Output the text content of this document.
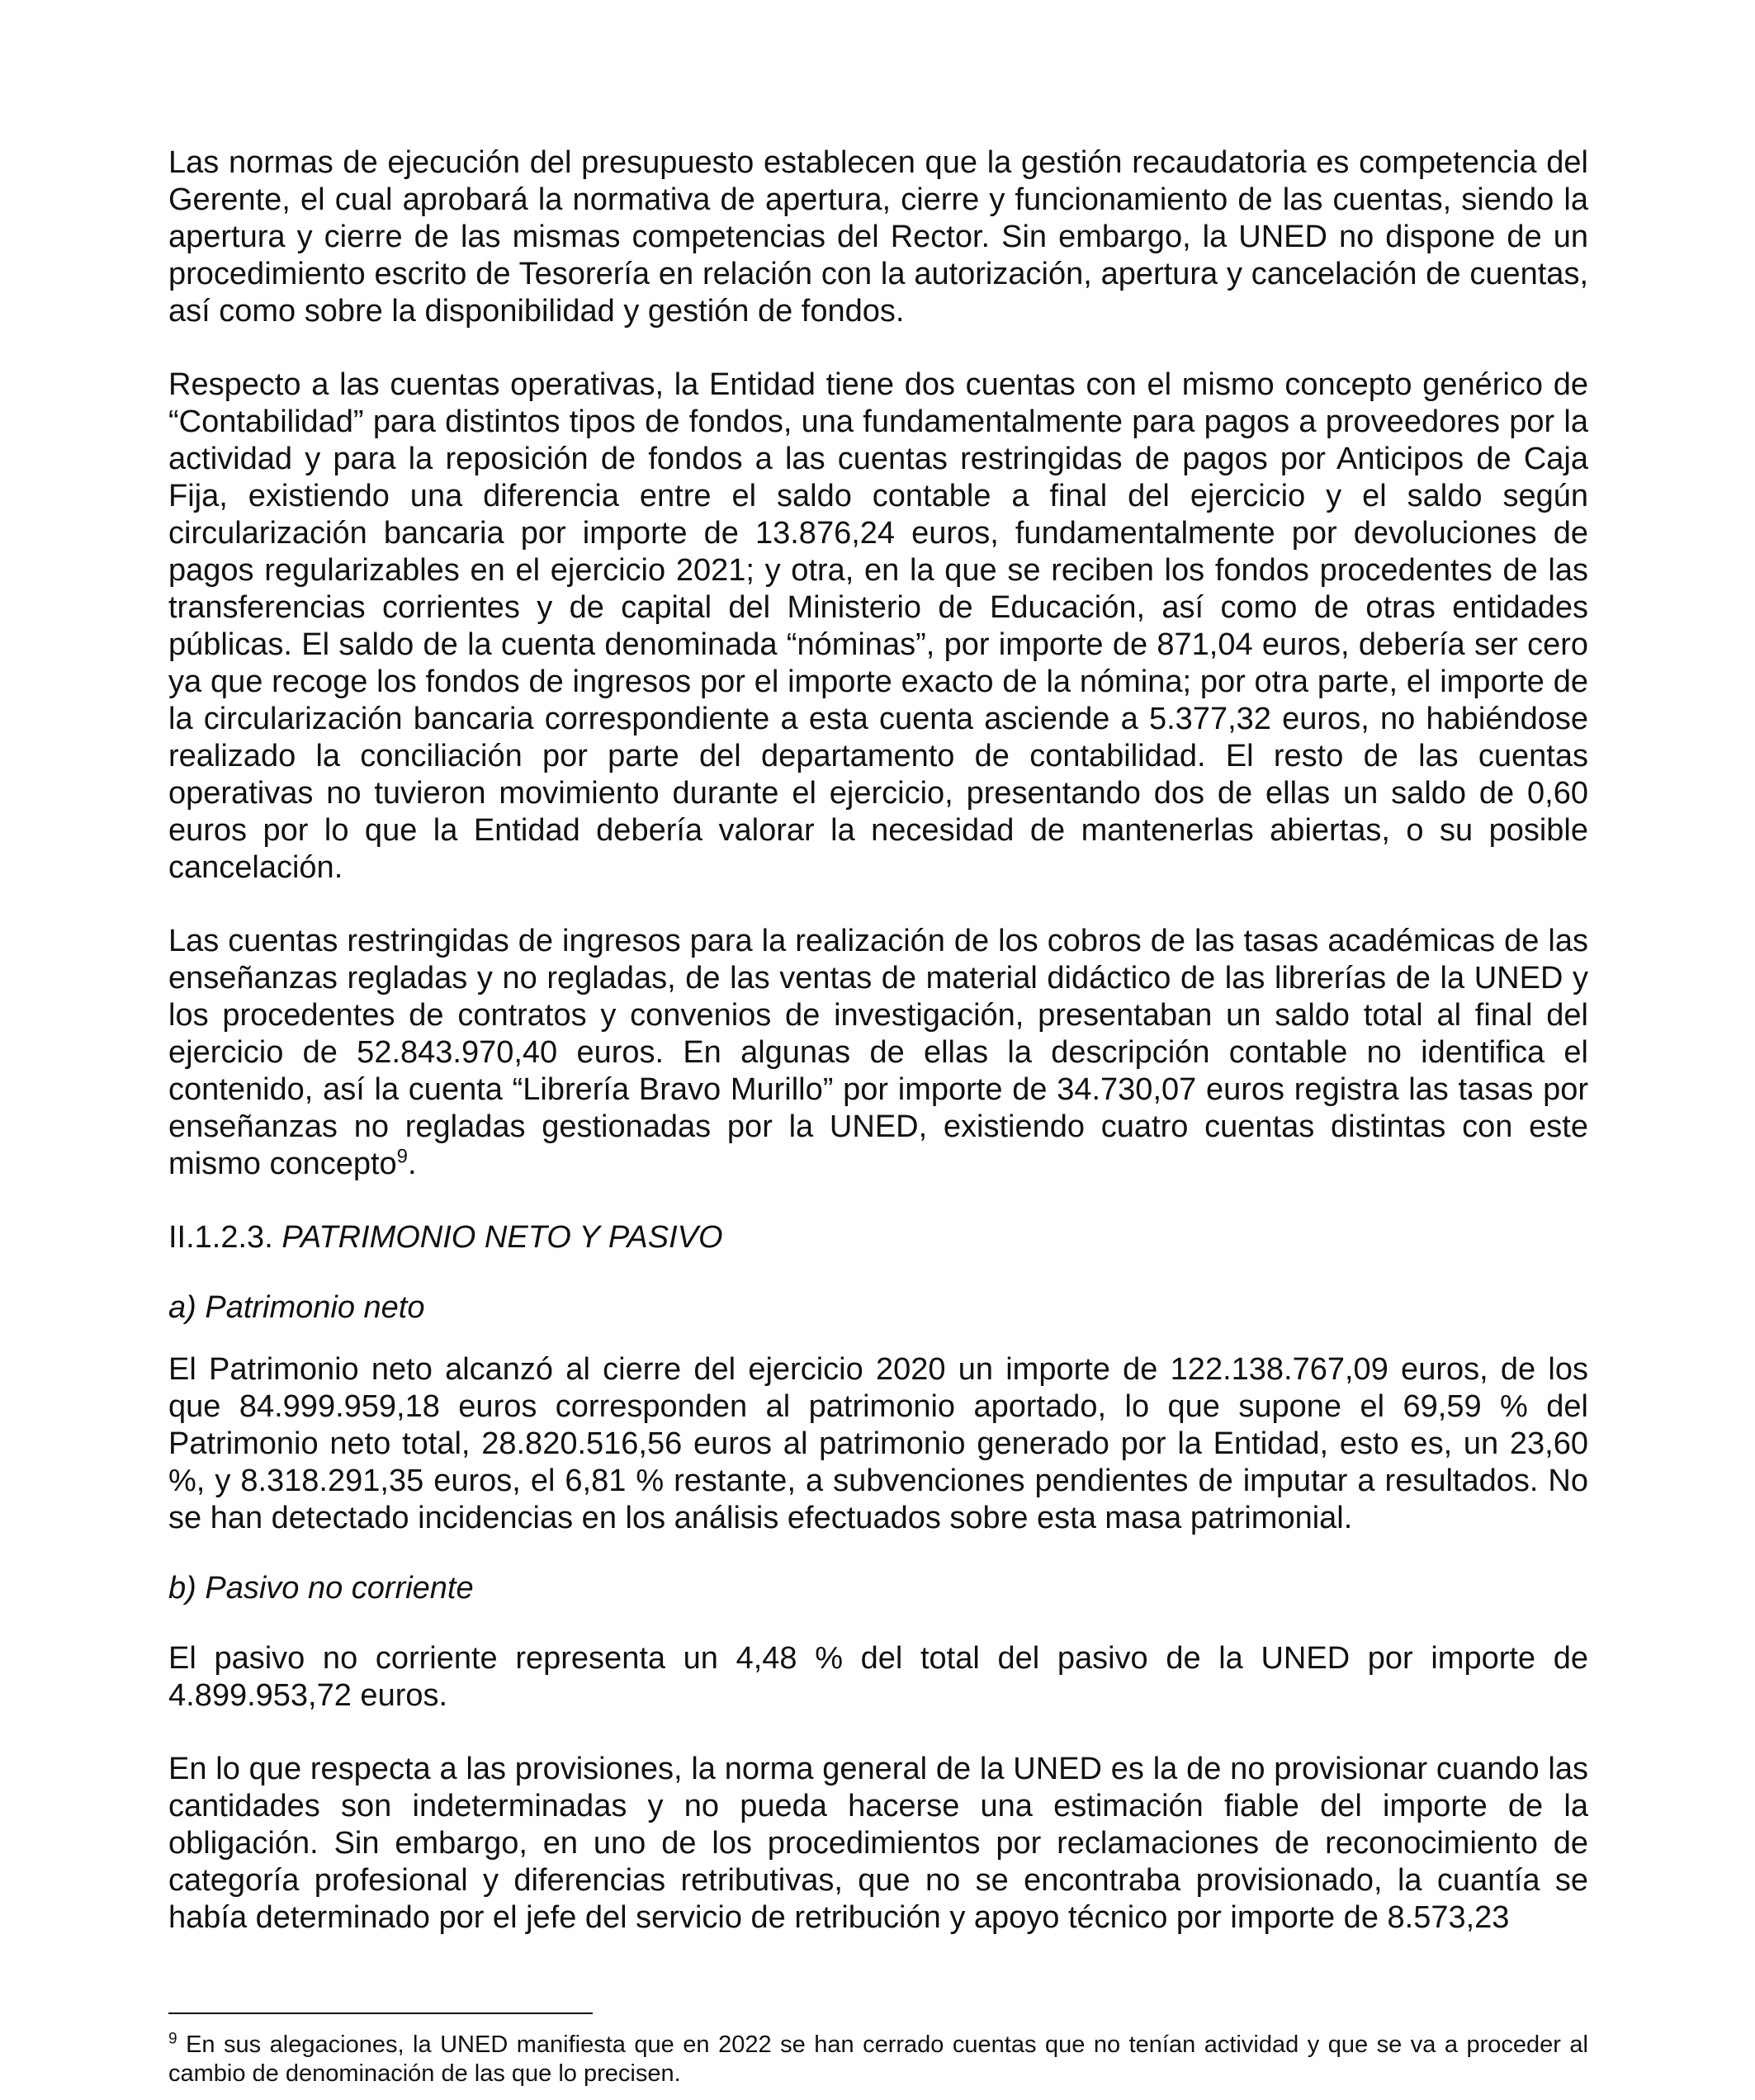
Las normas de ejecución del presupuesto establecen que la gestión recaudatoria es competencia del Gerente, el cual aprobará la normativa de apertura, cierre y funcionamiento de las cuentas, siendo la apertura y cierre de las mismas competencias del Rector. Sin embargo, la UNED no dispone de un procedimiento escrito de Tesorería en relación con la autorización, apertura y cancelación de cuentas, así como sobre la disponibilidad y gestión de fondos.

Respecto a las cuentas operativas, la Entidad tiene dos cuentas con el mismo concepto genérico de “Contabilidad” para distintos tipos de fondos, una fundamentalmente para pagos a proveedores por la actividad y para la reposición de fondos a las cuentas restringidas de pagos por Anticipos de Caja Fija, existiendo una diferencia entre el saldo contable a final del ejercicio y el saldo según circularización bancaria por importe de 13.876,24 euros, fundamentalmente por devoluciones de pagos regularizables en el ejercicio 2021; y otra, en la que se reciben los fondos procedentes de las transferencias corrientes y de capital del Ministerio de Educación, así como de otras entidades públicas. El saldo de la cuenta denominada “nóminas”, por importe de 871,04 euros, debería ser cero ya que recoge los fondos de ingresos por el importe exacto de la nómina; por otra parte, el importe de la circularización bancaria correspondiente a esta cuenta asciende a 5.377,32 euros, no habiéndose realizado la conciliación por parte del departamento de contabilidad. El resto de las cuentas operativas no tuvieron movimiento durante el ejercicio, presentando dos de ellas un saldo de 0,60 euros por lo que la Entidad debería valorar la necesidad de mantenerlas abiertas, o su posible cancelación.

Las cuentas restringidas de ingresos para la realización de los cobros de las tasas académicas de las enseñanzas regladas y no regladas, de las ventas de material didáctico de las librerías de la UNED y los procedentes de contratos y convenios de investigación, presentaban un saldo total al final del ejercicio de 52.843.970,40 euros. En algunas de ellas la descripción contable no identifica el contenido, así la cuenta “Librería Bravo Murillo” por importe de 34.730,07 euros registra las tasas por enseñanzas no regladas gestionadas por la UNED, existiendo cuatro cuentas distintas con este mismo concepto$^9$.

II.1.2.3. PATRIMONIO NETO Y PASIVO

a) Patrimonio neto

El Patrimonio neto alcanzó al cierre del ejercicio 2020 un importe de 122.138.767,09 euros, de los que 84.999.959,18 euros corresponden al patrimonio aportado, lo que supone el 69,59 % del Patrimonio neto total, 28.820.516,56 euros al patrimonio generado por la Entidad, esto es, un 23,60 %, y 8.318.291,35 euros, el 6,81 % restante, a subvenciones pendientes de imputar a resultados. No se han detectado incidencias en los análisis efectuados sobre esta masa patrimonial.

b) Pasivo no corriente

El pasivo no corriente representa un 4,48 % del total del pasivo de la UNED por importe de 4.899.953,72 euros.

En lo que respecta a las provisiones, la norma general de la UNED es la de no provisionar cuando las cantidades son indeterminadas y no pueda hacerse una estimación fiable del importe de la obligación. Sin embargo, en uno de los procedimientos por reclamaciones de reconocimiento de categoría profesional y diferencias retributivas, que no se encontraba provisionado, la cuantía se había determinado por el jefe del servicio de retribución y apoyo técnico por importe de 8.573,23

$^9$ En sus alegaciones, la UNED manifiesta que en 2022 se han cerrado cuentas que no tenían actividad y que se va a proceder al cambio de denominación de las que lo precisen.
